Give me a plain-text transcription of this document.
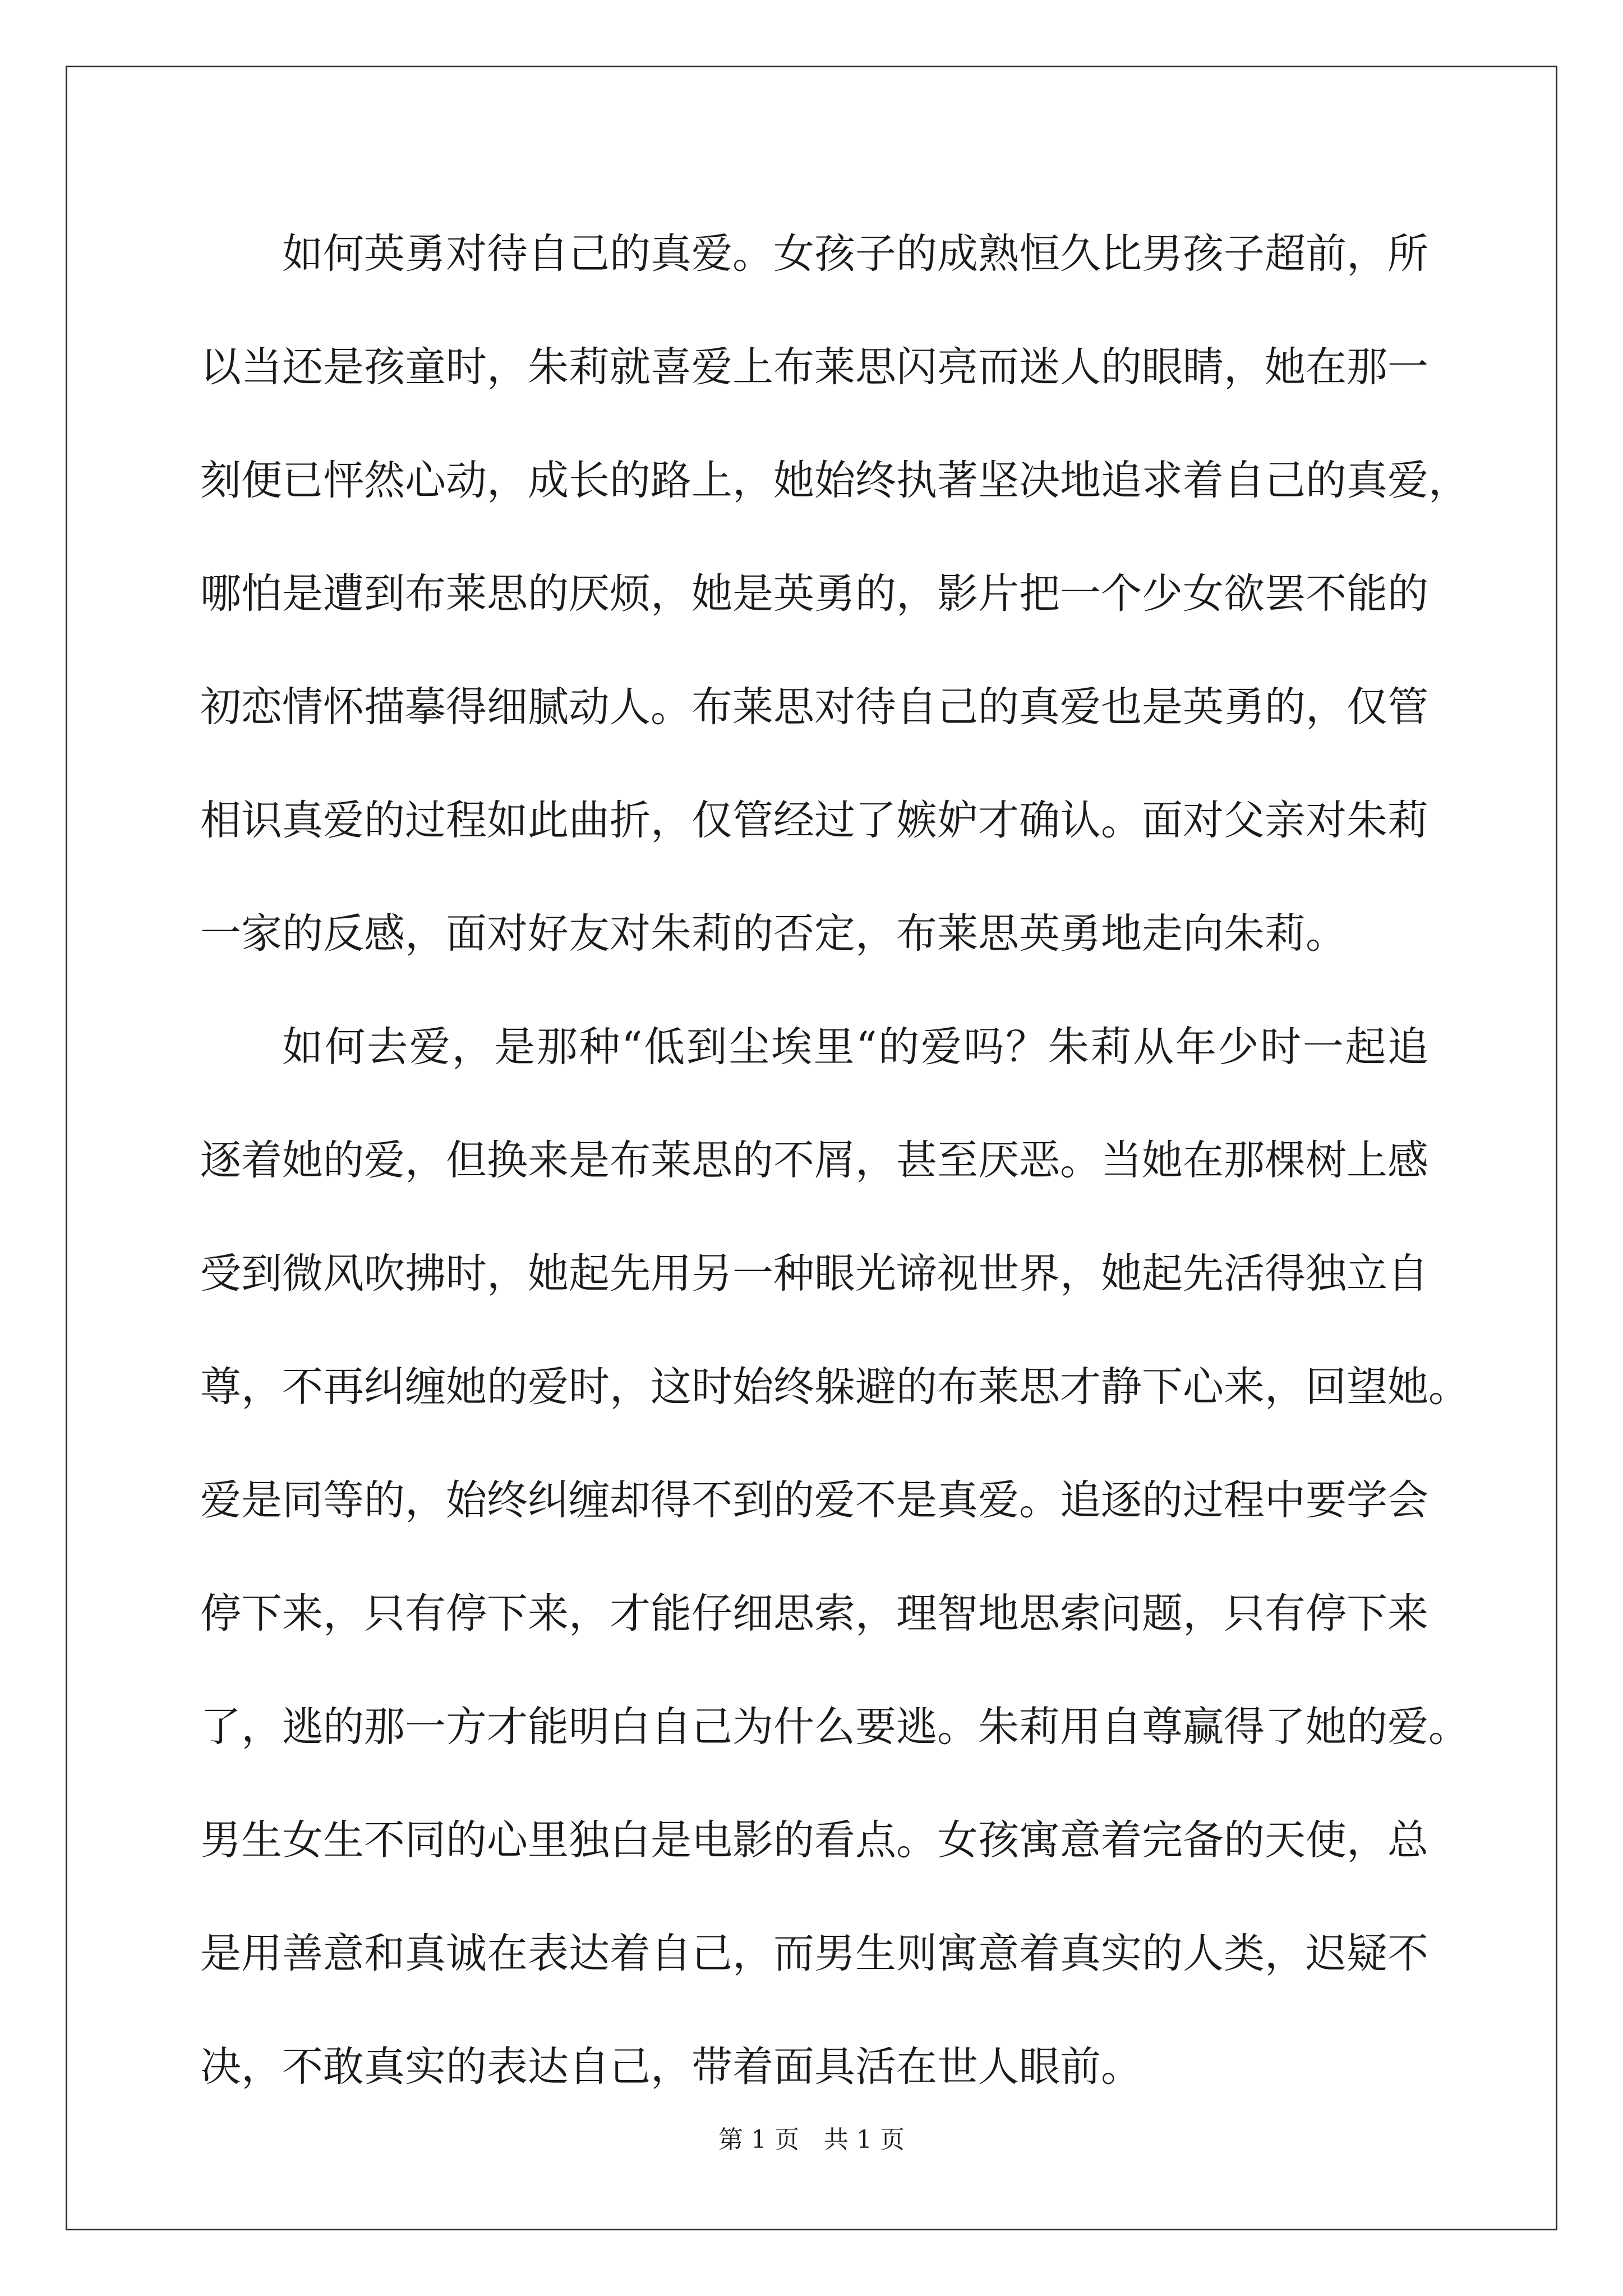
如何英勇对待自己的真爱。女孩子的成熟恒久比男孩子超前，所
以当还是孩童时，朱莉就喜爱上布莱思闪亮而迷人的眼睛，她在那一
刻便已怦然心动，成长的路上，她始终执著坚决地追求着自己的真爱，
哪怕是遭到布莱思的厌烦，她是英勇的，影片把一个少女欲罢不能的
初恋情怀描摹得细腻动人。布莱思对待自己的真爱也是英勇的，仅管
相识真爱的过程如此曲折，仅管经过了嫉妒才确认。面对父亲对朱莉
一家的反感，面对好友对朱莉的否定，布莱思英勇地走向朱莉。
如何去爱，是那种“低到尘埃里“的爱吗？朱莉从年少时一起追
逐着她的爱，但换来是布莱思的不屑，甚至厌恶。当她在那棵树上感
受到微风吹拂时，她起先用另一种眼光谛视世界，她起先活得独立自
尊，不再纠缠她的爱时，这时始终躲避的布莱思才静下心来，回望她。
爱是同等的，始终纠缠却得不到的爱不是真爱。追逐的过程中要学会
停下来，只有停下来，才能仔细思索，理智地思索问题，只有停下来
了，逃的那一方才能明白自己为什么要逃。朱莉用自尊赢得了她的爱。
男生女生不同的心里独白是电影的看点。女孩寓意着完备的天使，总
是用善意和真诚在表达着自己，而男生则寓意着真实的人类，迟疑不
决，不敢真实的表达自己，带着面具活在世人眼前。
第 1 页　共 1 页
